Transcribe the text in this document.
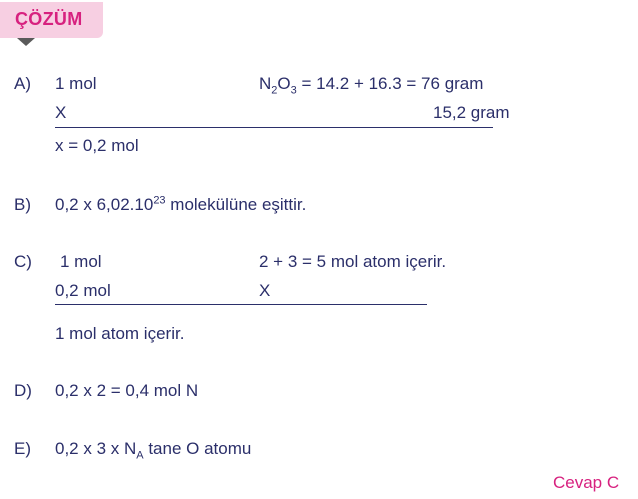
ÇÖZÜM
A) 1 mol	$N_2O_3 = 14.2 + 16.3 = 76$ gram
X	15,2 gram
x = 0,2 mol
B) 0,2 x 6,02.10$^{23}$ molekülüne eşittir.
C) 1 mol	2 + 3 = 5 mol atom içerir.
0,2 mol	X
1 mol atom içerir.
D) 0,2 x 2 = 0,4 mol N
E) 0,2 x 3 x $N_A$ tane O atomu
Cevap C
